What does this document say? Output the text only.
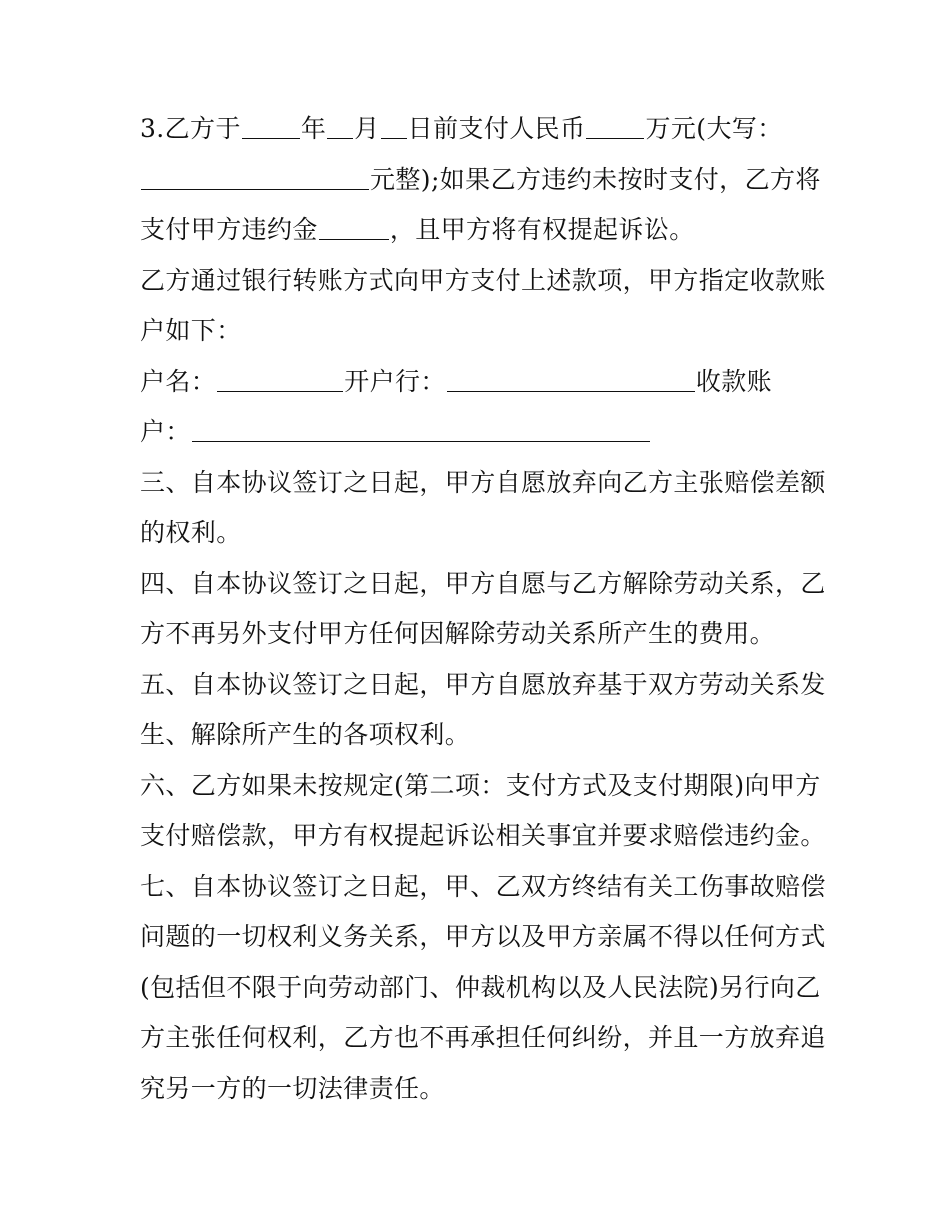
3.乙方于 年 月 日前支付人民币 万元(大写：
元整);如果乙方违约未按时支付，乙方将
支付甲方违约金	，且甲方将有权提起诉讼。
乙方通过银行转账方式向甲方支付上述款项，甲方指定收款账
户如下：
户名：	开户行：	收款账
户：
三、自本协议签订之日起，甲方自愿放弃向乙方主张赔偿差额
的权利。
四、自本协议签订之日起，甲方自愿与乙方解除劳动关系，乙
方不再另外支付甲方任何因解除劳动关系所产生的费用。
五、自本协议签订之日起，甲方自愿放弃基于双方劳动关系发
生、解除所产生的各项权利。
六、乙方如果未按规定(第二项：支付方式及支付期限)向甲方
支付赔偿款，甲方有权提起诉讼相关事宜并要求赔偿违约金。
七、自本协议签订之日起，甲、乙双方终结有关工伤事故赔偿
问题的一切权利义务关系，甲方以及甲方亲属不得以任何方式
(包括但不限于向劳动部门、仲裁机构以及人民法院)另行向乙
方主张任何权利，乙方也不再承担任何纠纷，并且一方放弃追
究另一方的一切法律责任。
